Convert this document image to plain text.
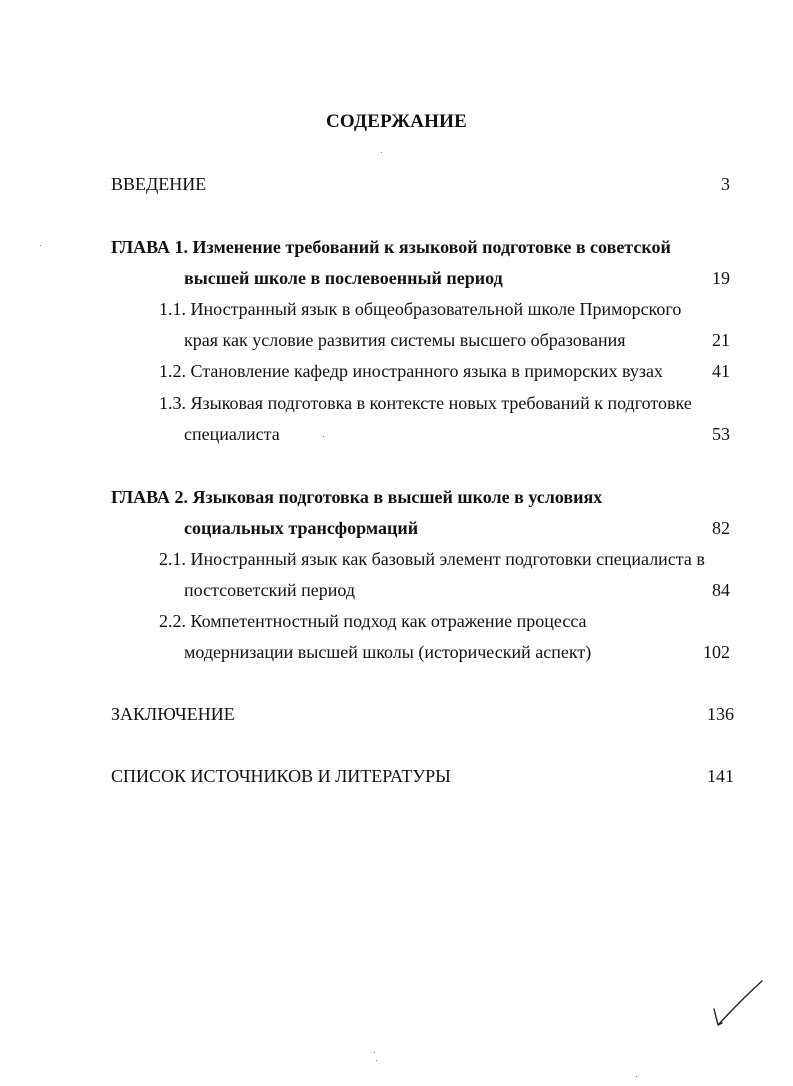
СОДЕРЖАНИЕ
ВВЕДЕНИЕ	3
ГЛАВА 1. Изменение требований к языковой подготовке в советской
высшей школе в послевоенный период	19
1.1. Иностранный язык в общеобразовательной школе Приморского
края как условие развития системы высшего образования	21
1.2. Становление кафедр иностранного языка в приморских вузах	41
1.3. Языковая подготовка в контексте новых требований к подготовке
специалиста	53
ГЛАВА 2. Языковая подготовка в высшей школе в условиях
социальных трансформаций	82
2.1. Иностранный язык как базовый элемент подготовки специалиста в
постсоветский период	84
2.2. Компетентностный подход как отражение процесса
модернизации высшей школы (исторический аспект)	102
ЗАКЛЮЧЕНИЕ	136
СПИСОК ИСТОЧНИКОВ И ЛИТЕРАТУРЫ	141
